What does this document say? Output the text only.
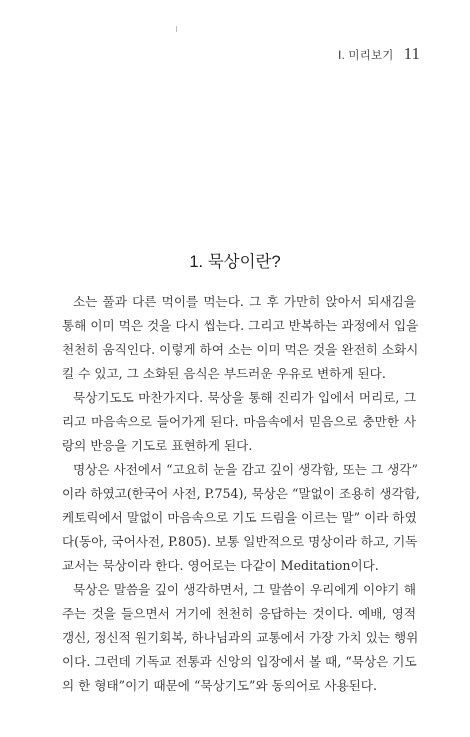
Ⅰ. 미리보기 11
1. 묵상이란?
소는 풀과 다른 먹이를 먹는다. 그 후 가만히 앉아서 되새김을
통해 이미 먹은 것을 다시 씹는다. 그리고 반복하는 과정에서 입을
천천히 움직인다. 이렇게 하여 소는 이미 먹은 것을 완전히 소화시
킬 수 있고, 그 소화된 음식은 부드러운 우유로 변하게 된다.
묵상기도도 마찬가지다. 묵상을 통해 진리가 입에서 머리로, 그
리고 마음속으로 들어가게 된다. 마음속에서 믿음으로 충만한 사
랑의 반응을 기도로 표현하게 된다.
명상은 사전에서 “고요히 눈을 감고 깊이 생각함, 또는 그 생각”
이라 하였고(한국어 사전, P.754), 묵상은 “말없이 조용히 생각함,
케토릭에서 말없이 마음속으로 기도 드림을 이르는 말” 이라 하였
다(동아, 국어사전, P.805). 보통 일반적으로 명상이라 하고, 기독
교서는 묵상이라 한다. 영어로는 다같이 Meditation이다.
묵상은 말씀을 깊이 생각하면서, 그 말씀이 우리에게 이야기 해
주는 것을 들으면서 거기에 천천히 응답하는 것이다. 예배, 영적
갱신, 정신적 원기회복, 하나님과의 교통에서 가장 가치 있는 행위
이다. 그런데 기독교 전통과 신앙의 입장에서 볼 때, “묵상은 기도
의 한 형태”이기 때문에 “묵상기도”와 동의어로 사용된다.
